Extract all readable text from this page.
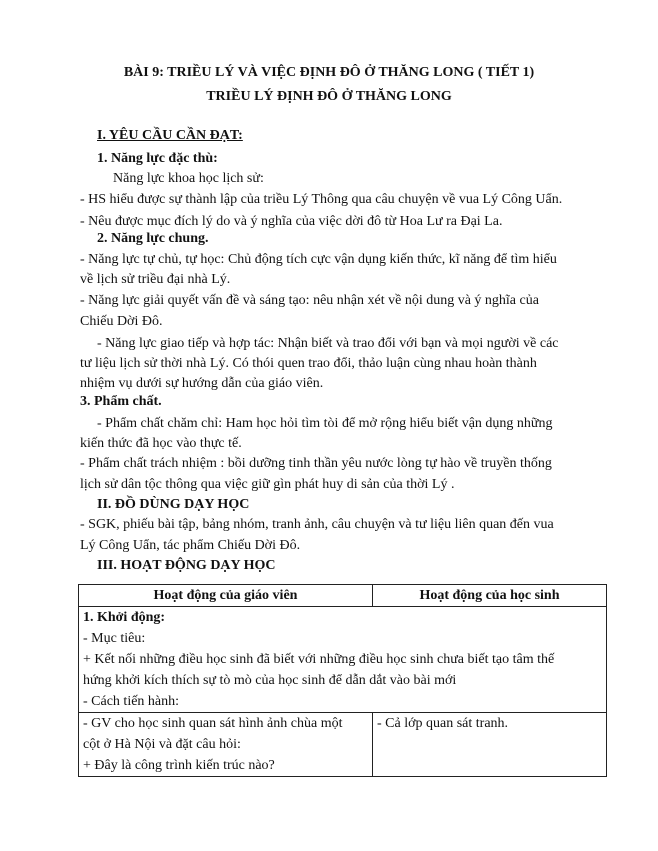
BÀI 9: TRIỀU LÝ VÀ VIỆC ĐỊNH ĐÔ Ở THĂNG LONG ( TIẾT 1)
TRIỀU LÝ ĐỊNH ĐÔ Ở THĂNG LONG
I. YÊU CẦU CẦN ĐẠT:
1. Năng lực đặc thù:
Năng lực khoa học lịch sử:
- HS hiểu được sự thành lập của triều Lý Thông qua câu chuyện về vua Lý Công Uẩn.
- Nêu được mục đích lý do và ý nghĩa của việc dời đô từ Hoa Lư ra Đại La.
2. Năng lực chung.
- Năng lực tự chủ, tự học: Chủ động tích cực vận dụng kiến thức, kĩ năng để tìm hiểu
về lịch sử triều đại nhà Lý.
- Năng lực giải quyết vấn đề và sáng tạo: nêu nhận xét về nội dung và ý nghĩa của
Chiếu Dời Đô.
- Năng lực giao tiếp và hợp tác: Nhận biết và trao đổi với bạn và mọi người về các
tư liệu lịch sử thời nhà Lý. Có thói quen trao đổi, thảo luận cùng nhau hoàn thành
nhiệm vụ dưới sự hướng dẫn của giáo viên.
3. Phẩm chất.
- Phẩm chất chăm chỉ: Ham học hỏi tìm tòi để mở rộng hiểu biết vận dụng những
kiến thức đã học vào thực tế.
- Phẩm chất trách nhiệm : bồi dưỡng tinh thần yêu nước lòng tự hào về truyền thống
lịch sử dân tộc thông qua việc giữ gìn phát huy di sản của thời Lý .
II. ĐỒ DÙNG DẠY HỌC
- SGK, phiếu bài tập, bảng nhóm, tranh ảnh, câu chuyện và tư liệu liên quan đến vua
Lý Công Uẩn, tác phẩm Chiếu Dời Đô.
III. HOẠT ĐỘNG DẠY HỌC
Hoạt động của giáo viên	Hoạt động của học sinh

1. Khởi động:
- Mục tiêu:
+ Kết nối những điều học sinh đã biết với những điều học sinh chưa biết tạo tâm thế
hứng khởi kích thích sự tò mò của học sinh để dẫn dắt vào bài mới
- Cách tiến hành:	

- GV cho học sinh quan sát hình ảnh chùa một
cột ở Hà Nội và đặt câu hỏi:
+ Đây là công trình kiến trúc nào?	- Cả lớp quan sát tranh.
